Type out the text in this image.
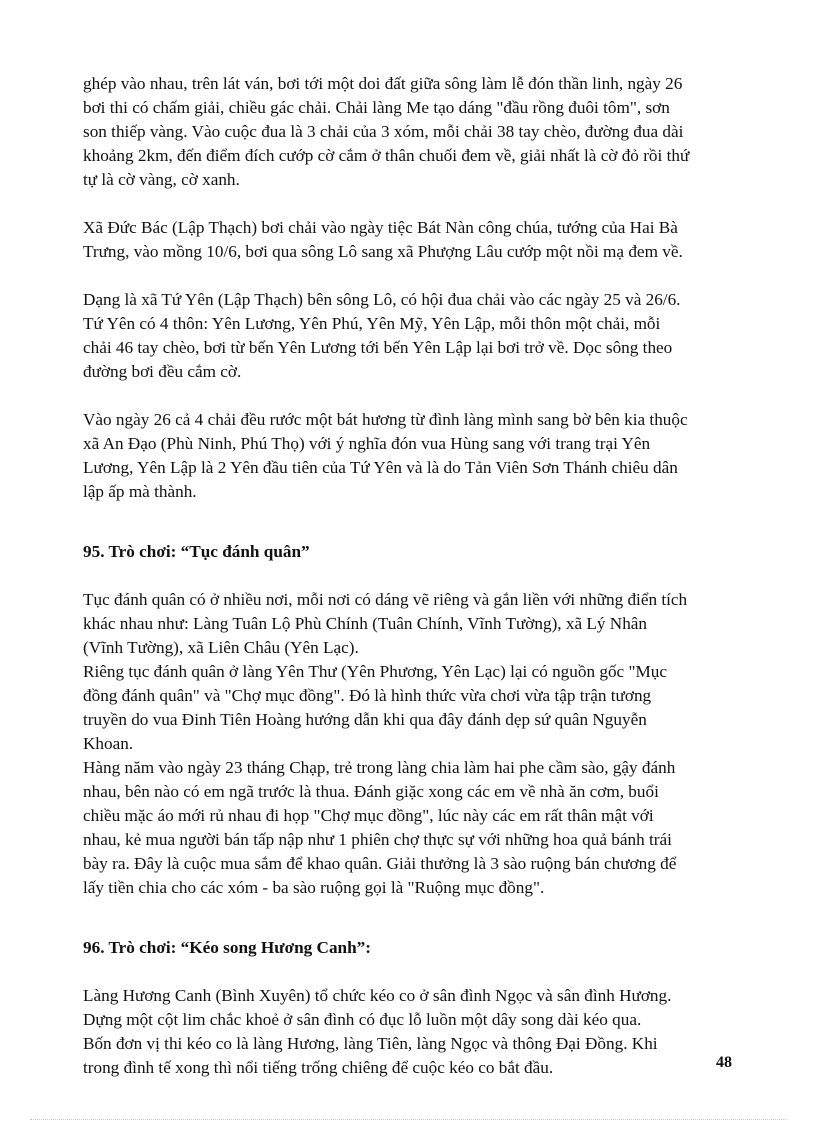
ghép vào nhau, trên lát ván, bơi tới một doi đất giữa sông làm lễ đón thần linh, ngày 26
bơi thi có chấm giải, chiều gác chải. Chải làng Me tạo dáng "đầu rồng đuôi tôm", sơn
son thiếp vàng. Vào cuộc đua là 3 chải của 3 xóm, mỗi chải 38 tay chèo, đường đua dài
khoảng 2km, đến điểm đích cướp cờ cắm ở thân chuối đem về, giải nhất là cờ đỏ rồi thứ
tự là cờ vàng, cờ xanh.

Xã Đức Bác (Lập Thạch) bơi chải vào ngày tiệc Bát Nàn công chúa, tướng của Hai Bà
Trưng, vào mồng 10/6, bơi qua sông Lô sang xã Phượng Lâu cướp một nồi mạ đem về.

Dạng là xã Tứ Yên (Lập Thạch) bên sông Lô, có hội đua chải vào các ngày 25 và 26/6.
Tứ Yên có 4 thôn: Yên Lương, Yên Phú, Yên Mỹ, Yên Lập, mỗi thôn một chải, mỗi
chải 46 tay chèo, bơi từ bến Yên Lương tới bến Yên Lập lại bơi trở về. Dọc sông theo
đường bơi đều cắm cờ.

Vào ngày 26 cả 4 chải đều rước một bát hương từ đình làng mình sang bờ bên kia thuộc
xã An Đạo (Phù Ninh, Phú Thọ) với ý nghĩa đón vua Hùng sang với trang trại Yên
Lương, Yên Lập là 2 Yên đầu tiên của Tứ Yên và là do Tản Viên Sơn Thánh chiêu dân
lập ấp mà thành.

95. Trò chơi: “Tục đánh quân”

Tục đánh quân có ở nhiều nơi, mỗi nơi có dáng vẽ riêng và gắn liền với những điển tích
khác nhau như: Làng Tuân Lộ Phù Chính (Tuân Chính, Vĩnh Tường), xã Lý Nhân
(Vĩnh Tường), xã Liên Châu (Yên Lạc).

Riêng tục đánh quân ở làng Yên Thư (Yên Phương, Yên Lạc) lại có nguồn gốc "Mục
đồng đánh quân" và "Chợ mục đồng". Đó là hình thức vừa chơi vừa tập trận tương
truyền do vua Đinh Tiên Hoàng hướng dẫn khi qua đây đánh dẹp sứ quân Nguyễn
Khoan.

Hàng năm vào ngày 23 tháng Chạp, trẻ trong làng chia làm hai phe cầm sào, gậy đánh
nhau, bên nào có em ngã trước là thua. Đánh giặc xong các em về nhà ăn cơm, buổi
chiều mặc áo mới rủ nhau đi họp "Chợ mục đồng", lúc này các em rất thân mật với
nhau, kẻ mua người bán tấp nập như 1 phiên chợ thực sự với những hoa quả bánh trái
bày ra. Đây là cuộc mua sắm để khao quân. Giải thưởng là 3 sào ruộng bán chương để
lấy tiền chia cho các xóm - ba sào ruộng gọi là "Ruộng mục đồng".

96. Trò chơi: “Kéo song Hương Canh”:

Làng Hương Canh (Bình Xuyên) tổ chức kéo co ở sân đình Ngọc và sân đình Hương.
Dựng một cột lim chắc khoẻ ở sân đình có đục lỗ luồn một dây song dài kéo qua.
Bốn đơn vị thi kéo co là làng Hương, làng Tiên, làng Ngọc và thông Đại Đồng. Khi
trong đình tế xong thì nổi tiếng trống chiêng để cuộc kéo co bắt đầu.	48
